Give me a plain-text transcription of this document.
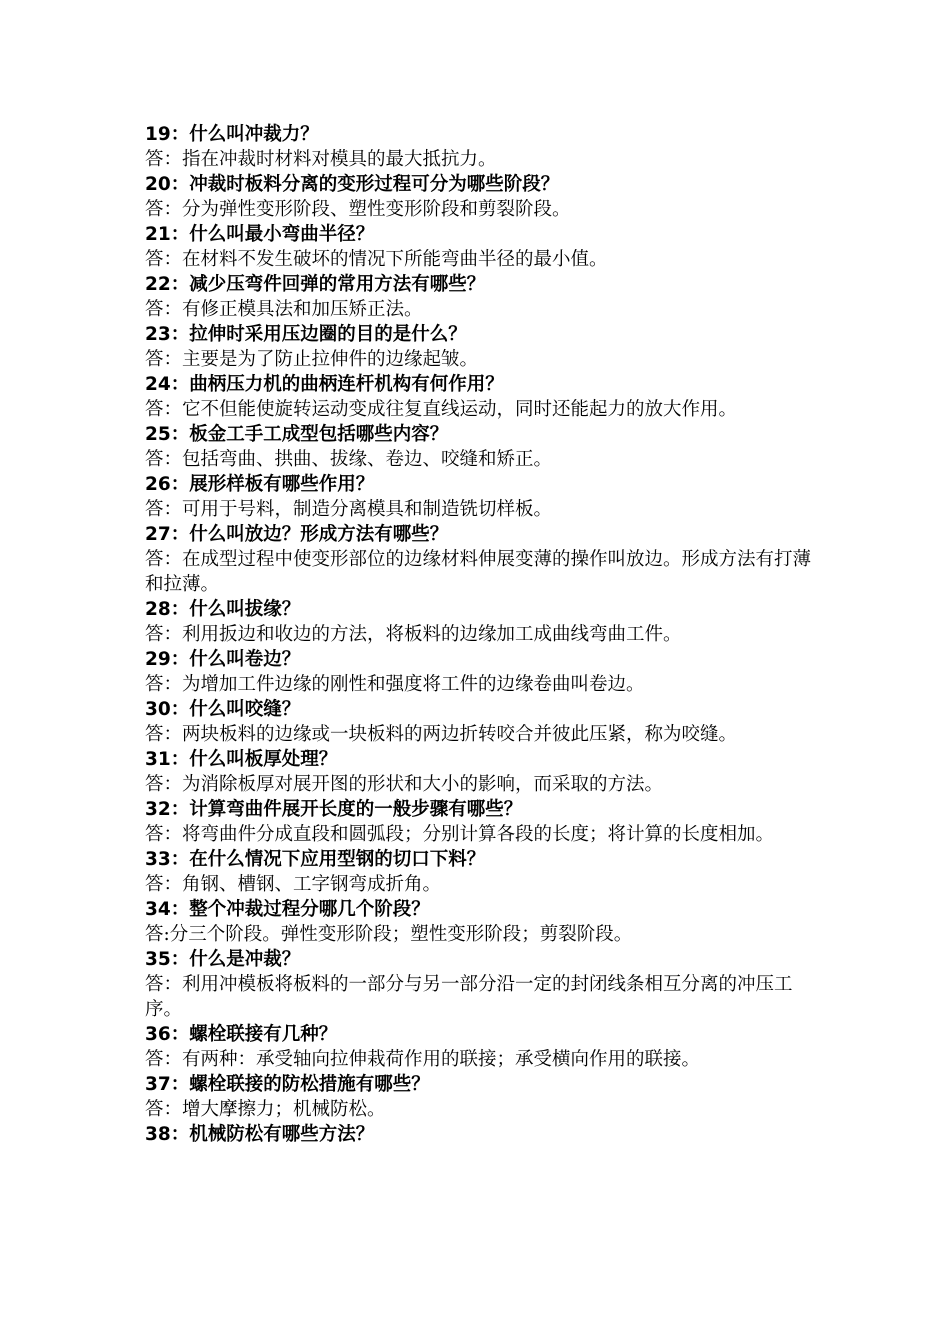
19：什么叫冲裁力？

答：指在冲裁时材料对模具的最大抵抗力。

20：冲裁时板料分离的变形过程可分为哪些阶段？

答：分为弹性变形阶段、塑性变形阶段和剪裂阶段。

21：什么叫最小弯曲半径？

答：在材料不发生破坏的情况下所能弯曲半径的最小值。

22：减少压弯件回弹的常用方法有哪些？

答：有修正模具法和加压矫正法。

23：拉伸时采用压边圈的目的是什么？

答：主要是为了防止拉伸件的边缘起皱。

24：曲柄压力机的曲柄连杆机构有何作用？

答：它不但能使旋转运动变成往复直线运动，同时还能起力的放大作用。

25：板金工手工成型包括哪些内容？

答：包括弯曲、拱曲、拔缘、卷边、咬缝和矫正。

26：展形样板有哪些作用？

答：可用于号料，制造分离模具和制造铣切样板。

27：什么叫放边？形成方法有哪些？

答：在成型过程中使变形部位的边缘材料伸展变薄的操作叫放边。形成方法有打薄和拉薄。

28：什么叫拔缘？

答：利用扳边和收边的方法，将板料的边缘加工成曲线弯曲工件。

29：什么叫卷边？

答：为增加工件边缘的刚性和强度将工件的边缘卷曲叫卷边。

30：什么叫咬缝？

答：两块板料的边缘或一块板料的两边折转咬合并彼此压紧，称为咬缝。

31：什么叫板厚处理？

答：为消除板厚对展开图的形状和大小的影响，而采取的方法。

32：计算弯曲件展开长度的一般步骤有哪些？

答：将弯曲件分成直段和圆弧段；分别计算各段的长度；将计算的长度相加。

33：在什么情况下应用型钢的切口下料？

答：角钢、槽钢、工字钢弯成折角。

34：整个冲裁过程分哪几个阶段？

答:分三个阶段。弹性变形阶段；塑性变形阶段；剪裂阶段。

35：什么是冲裁？

答：利用冲模板将板料的一部分与另一部分沿一定的封闭线条相互分离的冲压工序。

36：螺栓联接有几种？

答：有两种：承受轴向拉伸栽荷作用的联接；承受横向作用的联接。

37：螺栓联接的防松措施有哪些？

答：增大摩擦力；机械防松。

38：机械防松有哪些方法？
